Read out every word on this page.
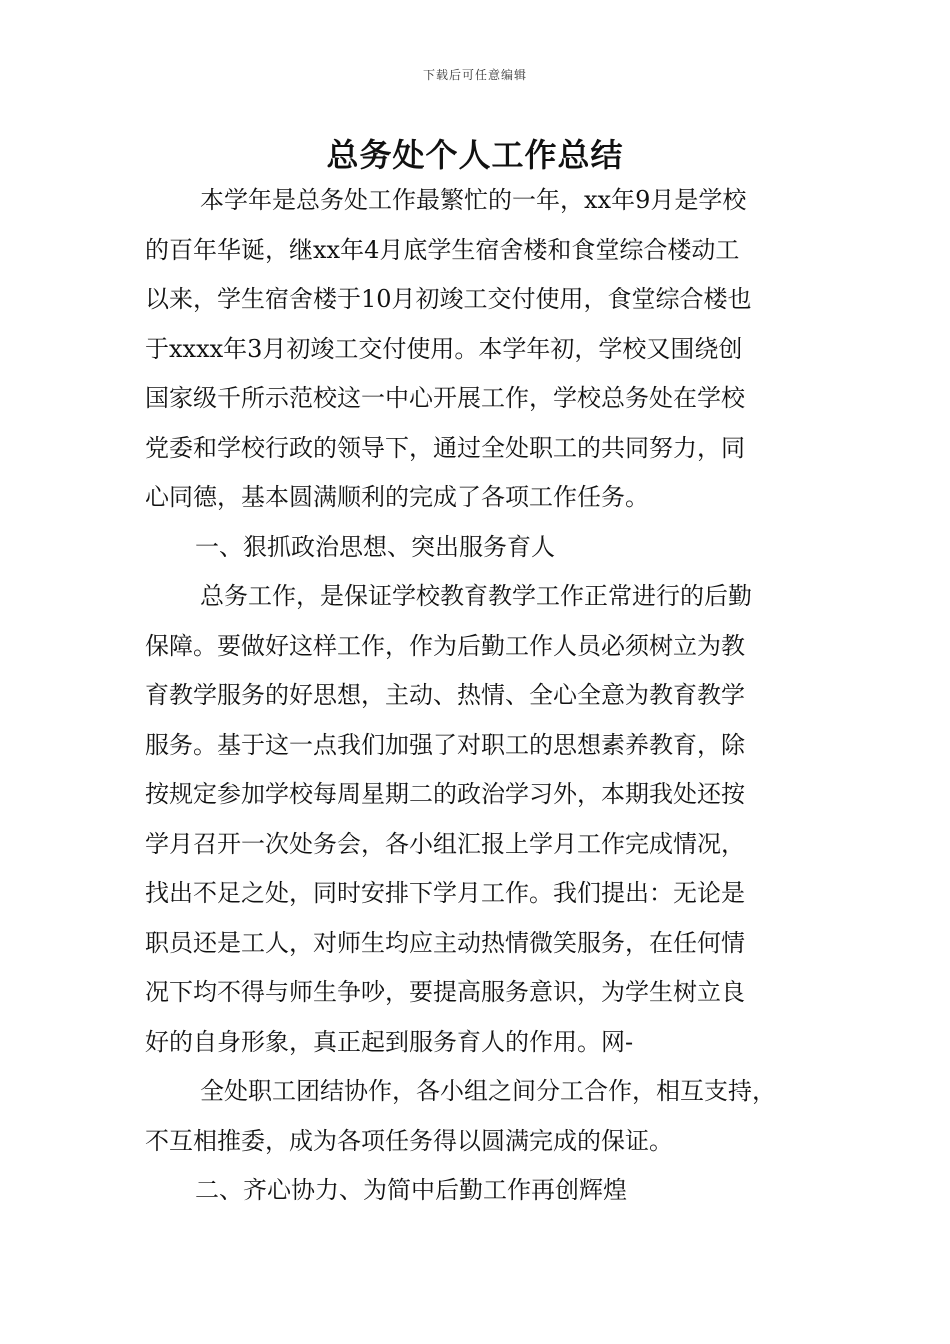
下载后可任意编辑
总务处个人工作总结
本学年是总务处工作最繁忙的一年，xx年9月是学校
的百年华诞，继xx年4月底学生宿舍楼和食堂综合楼动工
以来，学生宿舍楼于10月初竣工交付使用，食堂综合楼也
于xxxx年3月初竣工交付使用。本学年初，学校又围绕创
国家级千所示范校这一中心开展工作，学校总务处在学校
党委和学校行政的领导下，通过全处职工的共同努力，同
心同德，基本圆满顺利的完成了各项工作任务。
一、狠抓政治思想、突出服务育人
总务工作，是保证学校教育教学工作正常进行的后勤
保障。要做好这样工作，作为后勤工作人员必须树立为教
育教学服务的好思想，主动、热情、全心全意为教育教学
服务。基于这一点我们加强了对职工的思想素养教育，除
按规定参加学校每周星期二的政治学习外，本期我处还按
学月召开一次处务会，各小组汇报上学月工作完成情况，
找出不足之处，同时安排下学月工作。我们提出：无论是
职员还是工人，对师生均应主动热情微笑服务，在任何情
况下均不得与师生争吵，要提高服务意识，为学生树立良
好的自身形象，真正起到服务育人的作用。网-
全处职工团结协作，各小组之间分工合作，相互支持，
不互相推委，成为各项任务得以圆满完成的保证。
二、齐心协力、为简中后勤工作再创辉煌
